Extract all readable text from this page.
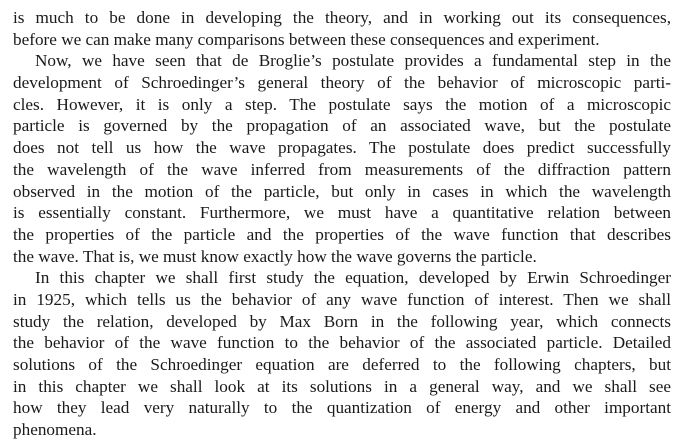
is much to be done in developing the theory, and in working out its consequences,
before we can make many comparisons between these consequences and experiment.
Now, we have seen that de Broglie’s postulate provides a fundamental step in the
development of Schroedinger’s general theory of the behavior of microscopic parti-
cles. However, it is only a step. The postulate says the motion of a microscopic
particle is governed by the propagation of an associated wave, but the postulate
does not tell us how the wave propagates. The postulate does predict successfully
the wavelength of the wave inferred from measurements of the diffraction pattern
observed in the motion of the particle, but only in cases in which the wavelength
is essentially constant. Furthermore, we must have a quantitative relation between
the properties of the particle and the properties of the wave function that describes
the wave. That is, we must know exactly how the wave governs the particle.
In this chapter we shall first study the equation, developed by Erwin Schroedinger
in 1925, which tells us the behavior of any wave function of interest. Then we shall
study the relation, developed by Max Born in the following year, which connects
the behavior of the wave function to the behavior of the associated particle. Detailed
solutions of the Schroedinger equation are deferred to the following chapters, but
in this chapter we shall look at its solutions in a general way, and we shall see
how they lead very naturally to the quantization of energy and other important
phenomena.
